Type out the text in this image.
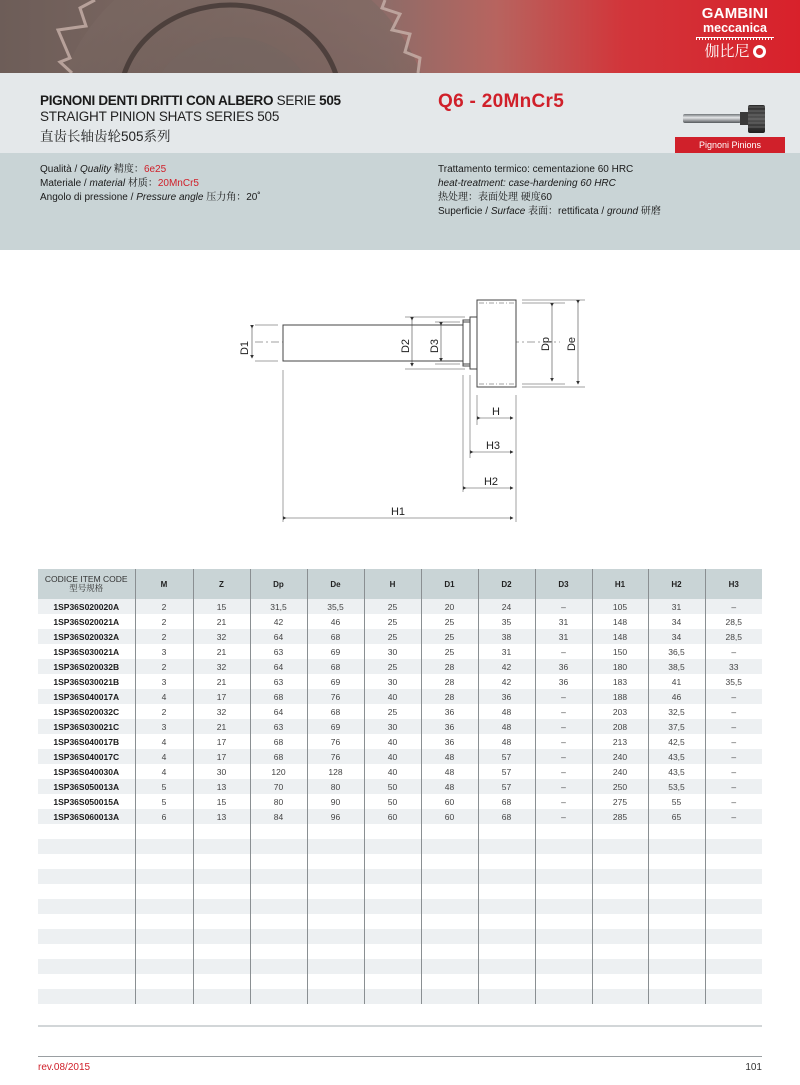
GAMBINI
meccanica
伽比尼
PIGNONI DENTI DRITTI CON ALBERO SERIE 505
STRAIGHT PINION SHATS SERIES 505
直齿长轴齿轮505系列
Q6 - 20MnCr5
Pignoni Pinions
Qualità / Quality 精度：6e25
Materiale / material 材质：20MnCr5
Angolo di pressione / Pressure angle 压力角：20˚
Trattamento termico: cementazione 60 HRC
heat-treatment: case-hardening 60 HRC
热处理：表面处理 硬度60
Superficie / Surface 表面：rettificata / ground 研磨
D1	D2 D3	Dp De
H
H3
H2
H1
CODICE ITEM CODE
型号规格	M	Z	Dp	De	H	D1	D2	D3	H1	H2	H3
1SP36S020020A	2	15	31,5	35,5	25	20	24	–	105	31	–
1SP36S020021A	2	21	42	46	25	25	35	31	148	34	28,5
1SP36S020032A	2	32	64	68	25	25	38	31	148	34	28,5
1SP36S030021A	3	21	63	69	30	25	31	–	150	36,5	–
1SP36S020032B	2	32	64	68	25	28	42	36	180	38,5	33
1SP36S030021B	3	21	63	69	30	28	42	36	183	41	35,5
1SP36S040017A	4	17	68	76	40	28	36	–	188	46	–
1SP36S020032C	2	32	64	68	25	36	48	–	203	32,5	–
1SP36S030021C	3	21	63	69	30	36	48	–	208	37,5	–
1SP36S040017B	4	17	68	76	40	36	48	–	213	42,5	–
1SP36S040017C	4	17	68	76	40	48	57	–	240	43,5	–
1SP36S040030A	4	30	120	128	40	48	57	–	240	43,5	–
1SP36S050013A	5	13	70	80	50	48	57	–	250	53,5	–
1SP36S050015A	5	15	80	90	50	60	68	–	275	55	–
1SP36S060013A	6	13	84	96	60	60	68	–	285	65	–

rev.08/2015	101
